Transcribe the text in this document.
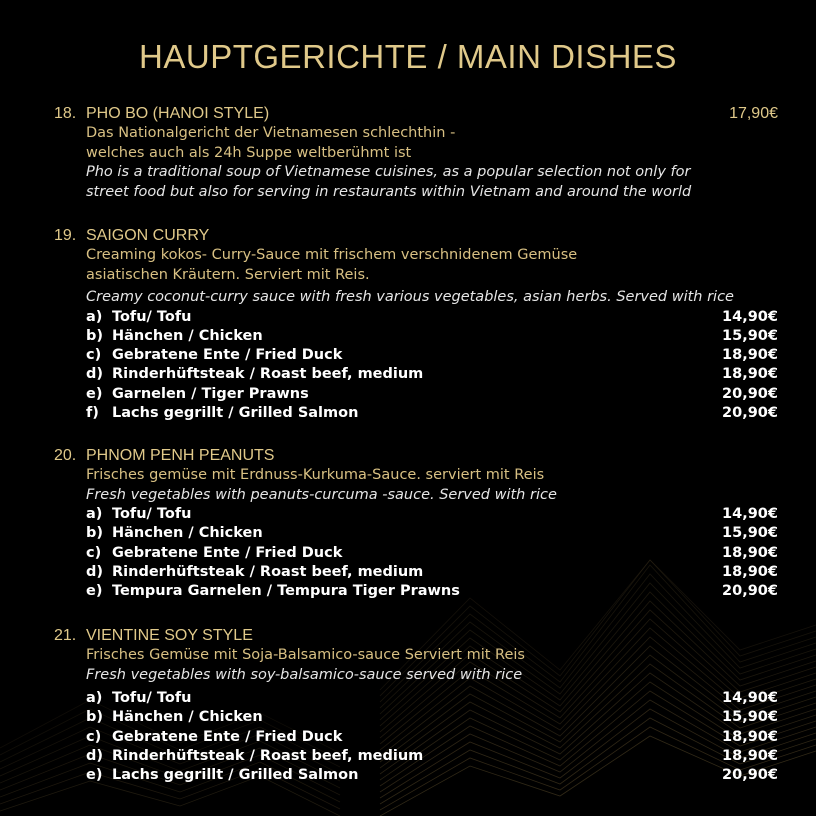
HAUPTGERICHTE / MAIN DISHES
18. PHO BO (HANOI STYLE)	17,90€
Das Nationalgericht der Vietnamesen schlechthin -
welches auch als 24h Suppe weltberühmt ist
Pho is a traditional soup of Vietnamese cuisines, as a popular selection not only for
street food but also for serving in restaurants within Vietnam and around the world
19. SAIGON CURRY
Creaming kokos- Curry-Sauce mit frischem verschnidenem Gemüse
asiatischen Kräutern. Serviert mit Reis.
Creamy coconut-curry sauce with fresh various vegetables, asian herbs. Served with rice
a) Tofu/ Tofu	14,90€
b) Hänchen / Chicken	15,90€
c) Gebratene Ente / Fried Duck	18,90€
d) Rinderhüftsteak / Roast beef, medium	18,90€
e) Garnelen / Tiger Prawns	20,90€
f) Lachs gegrillt / Grilled Salmon	20,90€
20. PHNOM PENH PEANUTS
Frisches gemüse mit Erdnuss-Kurkuma-Sauce. serviert mit Reis
Fresh vegetables with peanuts-curcuma -sauce. Served with rice
a) Tofu/ Tofu	14,90€
b) Hänchen / Chicken	15,90€
c) Gebratene Ente / Fried Duck	18,90€
d) Rinderhüftsteak / Roast beef, medium	18,90€
e) Tempura Garnelen / Tempura Tiger Prawns	20,90€
21. VIENTINE SOY STYLE
Frisches Gemüse mit Soja-Balsamico-sauce Serviert mit Reis
Fresh vegetables with soy-balsamico-sauce served with rice
a) Tofu/ Tofu	14,90€
b) Hänchen / Chicken	15,90€
c) Gebratene Ente / Fried Duck	18,90€
d) Rinderhüftsteak / Roast beef, medium	18,90€
e) Lachs gegrillt / Grilled Salmon	20,90€
